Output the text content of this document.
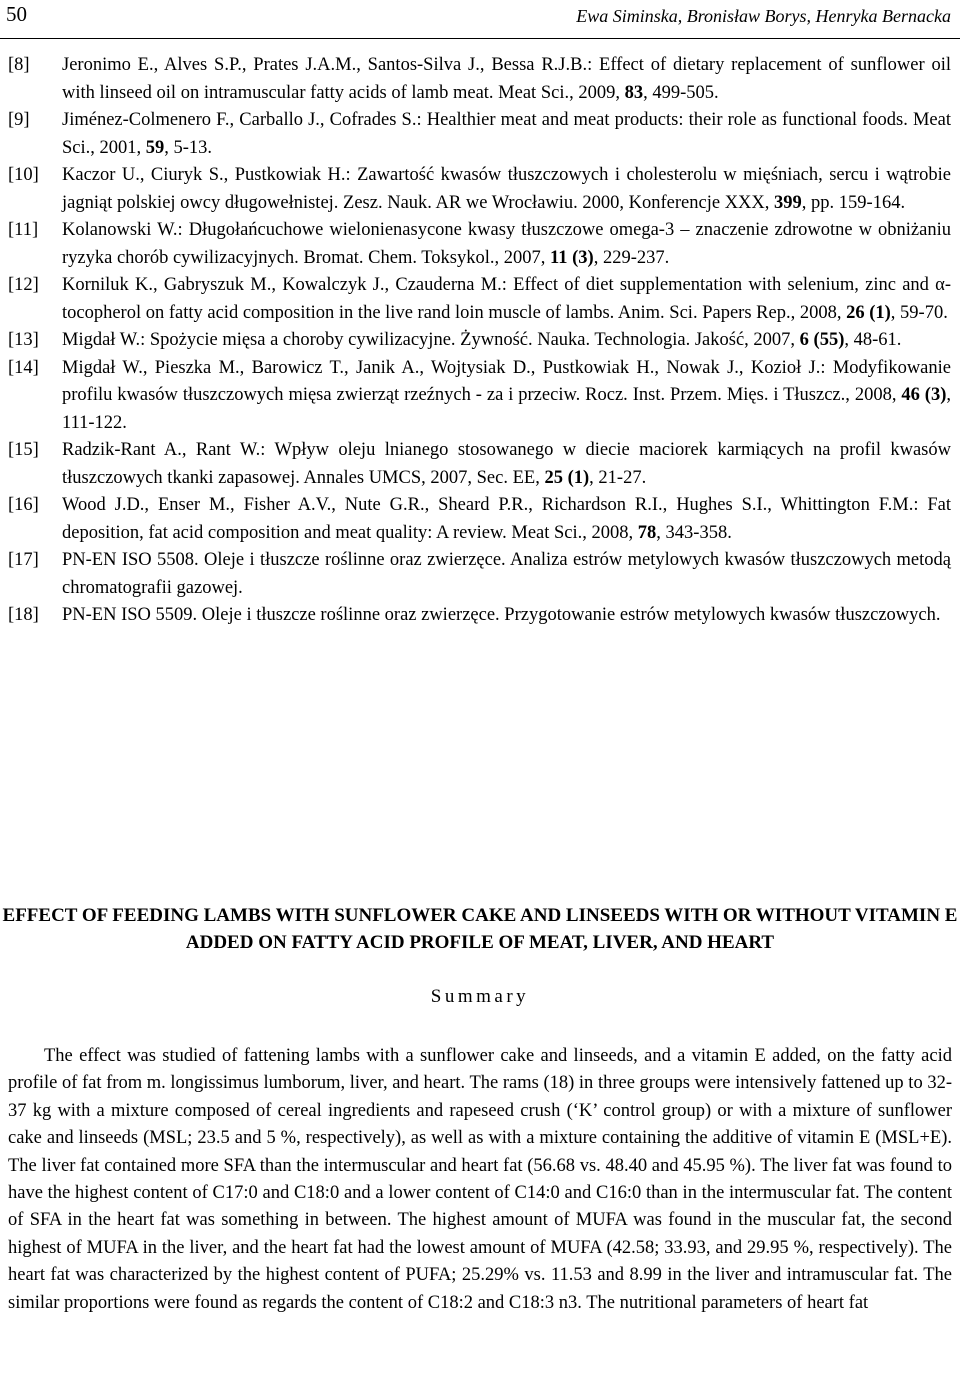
50	Ewa Siminska, Bronisław Borys, Henryka Bernacka
[8] Jeronimo E., Alves S.P., Prates J.A.M., Santos-Silva J., Bessa R.J.B.: Effect of dietary replacement of sunflower oil with linseed oil on intramuscular fatty acids of lamb meat. Meat Sci., 2009, 83, 499-505.
[9] Jiménez-Colmenero F., Carballo J., Cofrades S.: Healthier meat and meat products: their role as functional foods. Meat Sci., 2001, 59, 5-13.
[10] Kaczor U., Ciuryk S., Pustkowiak H.: Zawartość kwasów tłuszczowych i cholesterolu w mięśniach, sercu i wątrobie jagniąt polskiej owcy długowełnistej. Zesz. Nauk. AR we Wrocławiu. 2000, Konferencje XXX, 399, pp. 159-164.
[11] Kolanowski W.: Długołańcuchowe wielonienasycone kwasy tłuszczowe omega-3 – znaczenie zdrowotne w obniżaniu ryzyka chorób cywilizacyjnych. Bromat. Chem. Toksykol., 2007, 11 (3), 229-237.
[12] Korniluk K., Gabryszuk M., Kowalczyk J., Czauderna M.: Effect of diet supplementation with selenium, zinc and α-tocopherol on fatty acid composition in the live rand loin muscle of lambs. Anim. Sci. Papers Rep., 2008, 26 (1), 59-70.
[13] Migdał W.: Spożycie mięsa a choroby cywilizacyjne. Żywność. Nauka. Technologia. Jakość, 2007, 6 (55), 48-61.
[14] Migdał W., Pieszka M., Barowicz T., Janik A., Wojtysiak D., Pustkowiak H., Nowak J., Kozioł J.: Modyfikowanie profilu kwasów tłuszczowych mięsa zwierząt rzeźnych - za i przeciw. Rocz. Inst. Przem. Mięs. i Tłuszcz., 2008, 46 (3), 111-122.
[15] Radzik-Rant A., Rant W.: Wpływ oleju lnianego stosowanego w diecie maciorek karmiących na profil kwasów tłuszczowych tkanki zapasowej. Annales UMCS, 2007, Sec. EE, 25 (1), 21-27.
[16] Wood J.D., Enser M., Fisher A.V., Nute G.R., Sheard P.R., Richardson R.I., Hughes S.I., Whittington F.M.: Fat deposition, fat acid composition and meat quality: A review. Meat Sci., 2008, 78, 343-358.
[17] PN-EN ISO 5508. Oleje i tłuszcze roślinne oraz zwierzęce. Analiza estrów metylowych kwasów tłuszczowych metodą chromatografii gazowej.
[18] PN-EN ISO 5509. Oleje i tłuszcze roślinne oraz zwierzęce. Przygotowanie estrów metylowych kwasów tłuszczowych.
EFFECT OF FEEDING LAMBS WITH SUNFLOWER CAKE AND LINSEEDS WITH OR WITHOUT VITAMIN E ADDED ON FATTY ACID PROFILE OF MEAT, LIVER, AND HEART
Summary

The effect was studied of fattening lambs with a sunflower cake and linseeds, and a vitamin E added, on the fatty acid profile of fat from m. longissimus lumborum, liver, and heart. The rams (18) in three groups were intensively fattened up to 32-37 kg with a mixture composed of cereal ingredients and rapeseed crush (‘K’ control group) or with a mixture of sunflower cake and linseeds (MSL; 23.5 and 5 %, respectively), as well as with a mixture containing the additive of vitamin E (MSL+E). The liver fat contained more SFA than the intermuscular and heart fat (56.68 vs. 48.40 and 45.95 %). The liver fat was found to have the highest content of C17:0 and C18:0 and a lower content of C14:0 and C16:0 than in the intermuscular fat. The content of SFA in the heart fat was something in between. The highest amount of MUFA was found in the muscular fat, the second highest of MUFA in the liver, and the heart fat had the lowest amount of MUFA (42.58; 33.93, and 29.95 %, respectively). The heart fat was characterized by the highest content of PUFA; 25.29% vs. 11.53 and 8.99 in the liver and intramuscular fat. The similar proportions were found as regards the content of C18:2 and C18:3 n3. The nutritional parameters of heart fat
